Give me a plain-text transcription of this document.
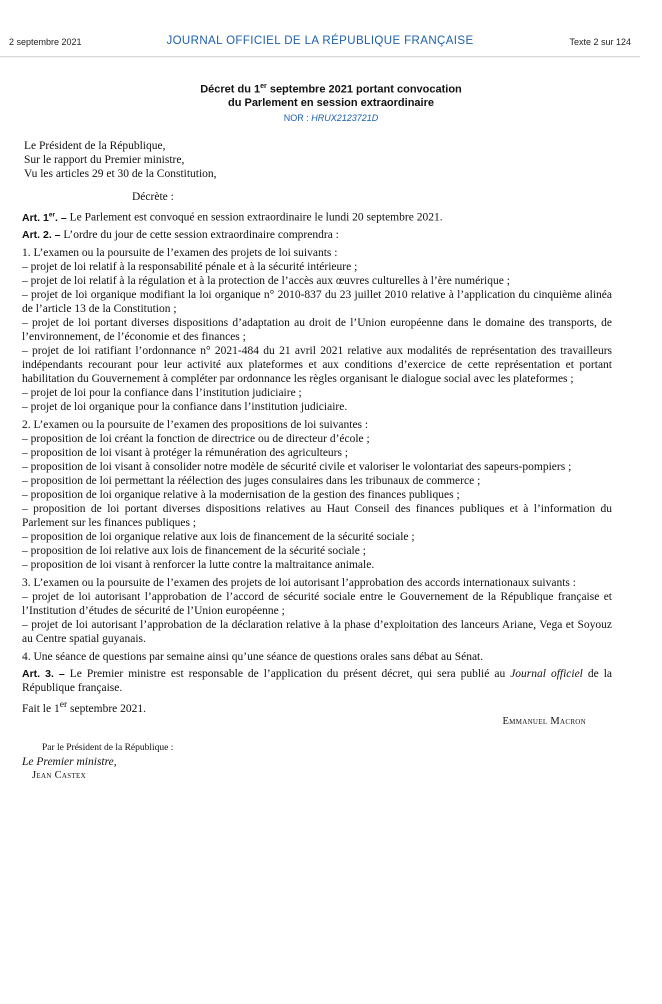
2 septembre 2021	JOURNAL OFFICIEL DE LA RÉPUBLIQUE FRANÇAISE	Texte 2 sur 124
Décret du 1er septembre 2021 portant convocation
du Parlement en session extraordinaire
NOR : HRUX2123721D

Le Président de la République,

Sur le rapport du Premier ministre,

Vu les articles 29 et 30 de la Constitution,

Décrète :

Art. 1er. – Le Parlement est convoqué en session extraordinaire le lundi 20 septembre 2021.

Art. 2. – L’ordre du jour de cette session extraordinaire comprendra :

1. L’examen ou la poursuite de l’examen des projets de loi suivants :

– projet de loi relatif à la responsabilité pénale et à la sécurité intérieure ;

– projet de loi relatif à la régulation et à la protection de l’accès aux œuvres culturelles à l’ère numérique ;

– projet de loi organique modifiant la loi organique n° 2010-837 du 23 juillet 2010 relative à l’application du cinquième alinéa de l’article 13 de la Constitution ;

– projet de loi portant diverses dispositions d’adaptation au droit de l’Union européenne dans le domaine des transports, de l’environnement, de l’économie et des finances ;

– projet de loi ratifiant l’ordonnance n° 2021-484 du 21 avril 2021 relative aux modalités de représentation des travailleurs indépendants recourant pour leur activité aux plateformes et aux conditions d’exercice de cette représentation et portant habilitation du Gouvernement à compléter par ordonnance les règles organisant le dialogue social avec les plateformes ;

– projet de loi pour la confiance dans l’institution judiciaire ;

– projet de loi organique pour la confiance dans l’institution judiciaire.

2. L’examen ou la poursuite de l’examen des propositions de loi suivantes :

– proposition de loi créant la fonction de directrice ou de directeur d’école ;

– proposition de loi visant à protéger la rémunération des agriculteurs ;

– proposition de loi visant à consolider notre modèle de sécurité civile et valoriser le volontariat des sapeurs-pompiers ;

– proposition de loi permettant la réélection des juges consulaires dans les tribunaux de commerce ;

– proposition de loi organique relative à la modernisation de la gestion des finances publiques ;

– proposition de loi portant diverses dispositions relatives au Haut Conseil des finances publiques et à l’information du Parlement sur les finances publiques ;

– proposition de loi organique relative aux lois de financement de la sécurité sociale ;

– proposition de loi relative aux lois de financement de la sécurité sociale ;

– proposition de loi visant à renforcer la lutte contre la maltraitance animale.

3. L’examen ou la poursuite de l’examen des projets de loi autorisant l’approbation des accords internationaux suivants :

– projet de loi autorisant l’approbation de l’accord de sécurité sociale entre le Gouvernement de la République française et l’Institution d’études de sécurité de l’Union européenne ;

– projet de loi autorisant l’approbation de la déclaration relative à la phase d’exploitation des lanceurs Ariane, Vega et Soyouz au Centre spatial guyanais.

4. Une séance de questions par semaine ainsi qu’une séance de questions orales sans débat au Sénat.

Art. 3. – Le Premier ministre est responsable de l’application du présent décret, qui sera publié au Journal officiel de la République française.

Fait le 1er septembre 2021.

Emmanuel Macron

Par le Président de la République :

Le Premier ministre,

Jean Castex
